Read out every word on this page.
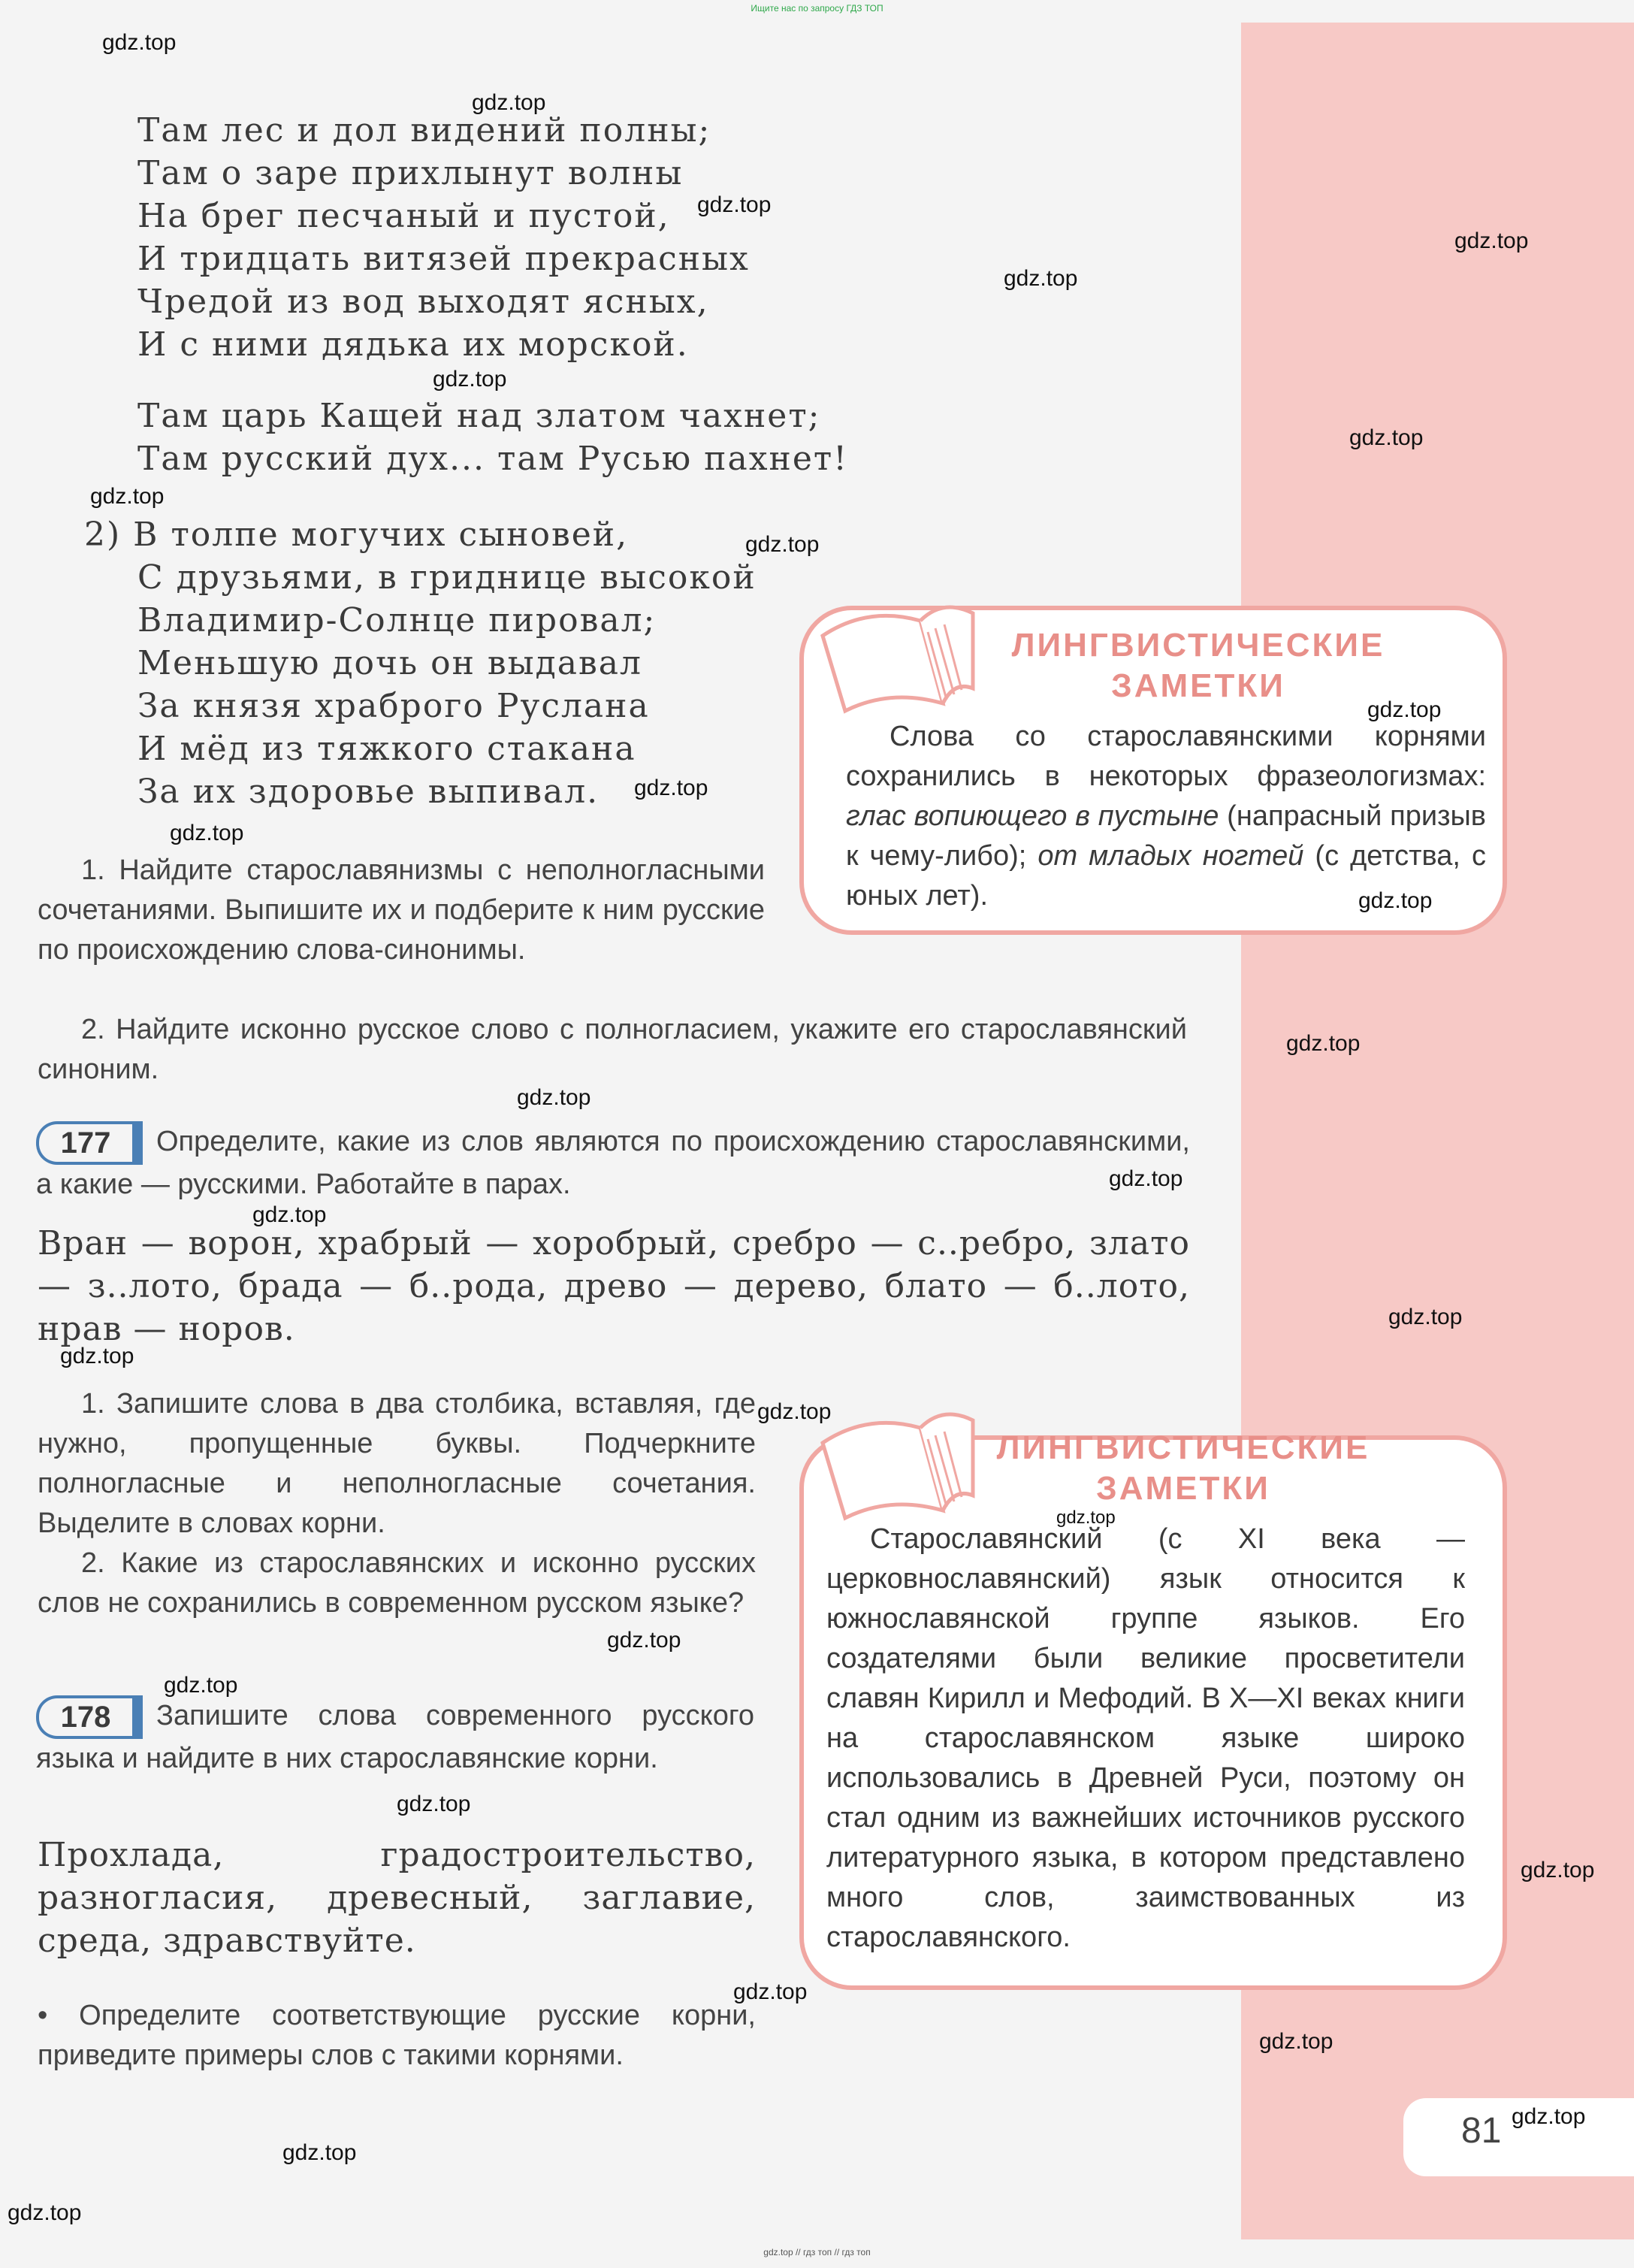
81
Ищите нас по запросу ГДЗ ТОП
gdz.top // гдз топ // гдз топ
Там лес и дол видений полны;
Там о заре прихлынут волны
На брег песчаный и пустой,
И тридцать витязей прекрасных
Чредой из вод выходят ясных,
И с ними дядька их морской.
Там царь Кащей над златом чахнет;
Там русский дух... там Русью пахнет!
2) В толпе могучих сыновей,
С друзьями, в гриднице высокой
Владимир-Солнце пировал;
Меньшую дочь он выдавал
За князя храброго Руслана
И мёд из тяжкого стакана
За их здоровье выпивал.

1. Найдите старославянизмы с неполногласными сочетаниями. Выпишите их и подберите к ним русские по происхождению слова-синонимы.

2. Найдите исконно русское слово с полногласием, укажите его старославянский синоним.

177 Определите, какие из слов являются по происхождению старославянскими, а какие — русскими. Работайте в парах.

Вран — ворон, храбрый — хоробрый, сребро — с..ребро, злато — з..лото, брада — б..рода, древо — дерево, блато — б..лото, нрав — норов.

1. Запишите слова в два столбика, вставляя, где нужно, пропущенные буквы. Подчеркните полногласные и неполногласные сочетания. Выделите в словах корни.

2. Какие из старославянских и исконно русских слов не сохранились в современном русском языке?

178 Запишите слова современного русского языка и найдите в них старославянские корни.

Прохлада, градостроительство, разногласия, древесный, заглавие, среда, здравствуйте.

• Определите соответствующие русские корни, приведите примеры слов с такими корнями.

ЛИНГВИСТИЧЕСКИЕ
ЗАМЕТКИ

Слова со старославянскими корнями сохранились в некоторых фразеологизмах: глас вопиющего в пустыне (напрасный призыв к чему-либо); от младых ногтей (с детства, с юных лет).

ЛИНГВИСТИЧЕСКИЕ
ЗАМЕТКИ

Старославянский (с XI века — церковнославянский) язык относится к южнославянской группе языков. Его создателями были великие просветители славян Кирилл и Мефодий. В X—XI веках книги на старославянском языке широко использовались в Древней Руси, поэтому он стал одним из важнейших источников русского литературного языка, в котором представлено много слов, заимствованных из старославянского.

gdz.top
gdz.top
gdz.top
gdz.top
gdz.top
gdz.top
gdz.top
gdz.top
gdz.top
gdz.top
gdz.top
gdz.top
gdz.top
gdz.top
gdz.top
gdz.top
gdz.top
gdz.top
gdz.top
gdz.top
gdz.top
gdz.top
gdz.top
gdz.top
gdz.top
gdz.top
gdz.top
gdz.top
gdz.top
gdz.top
